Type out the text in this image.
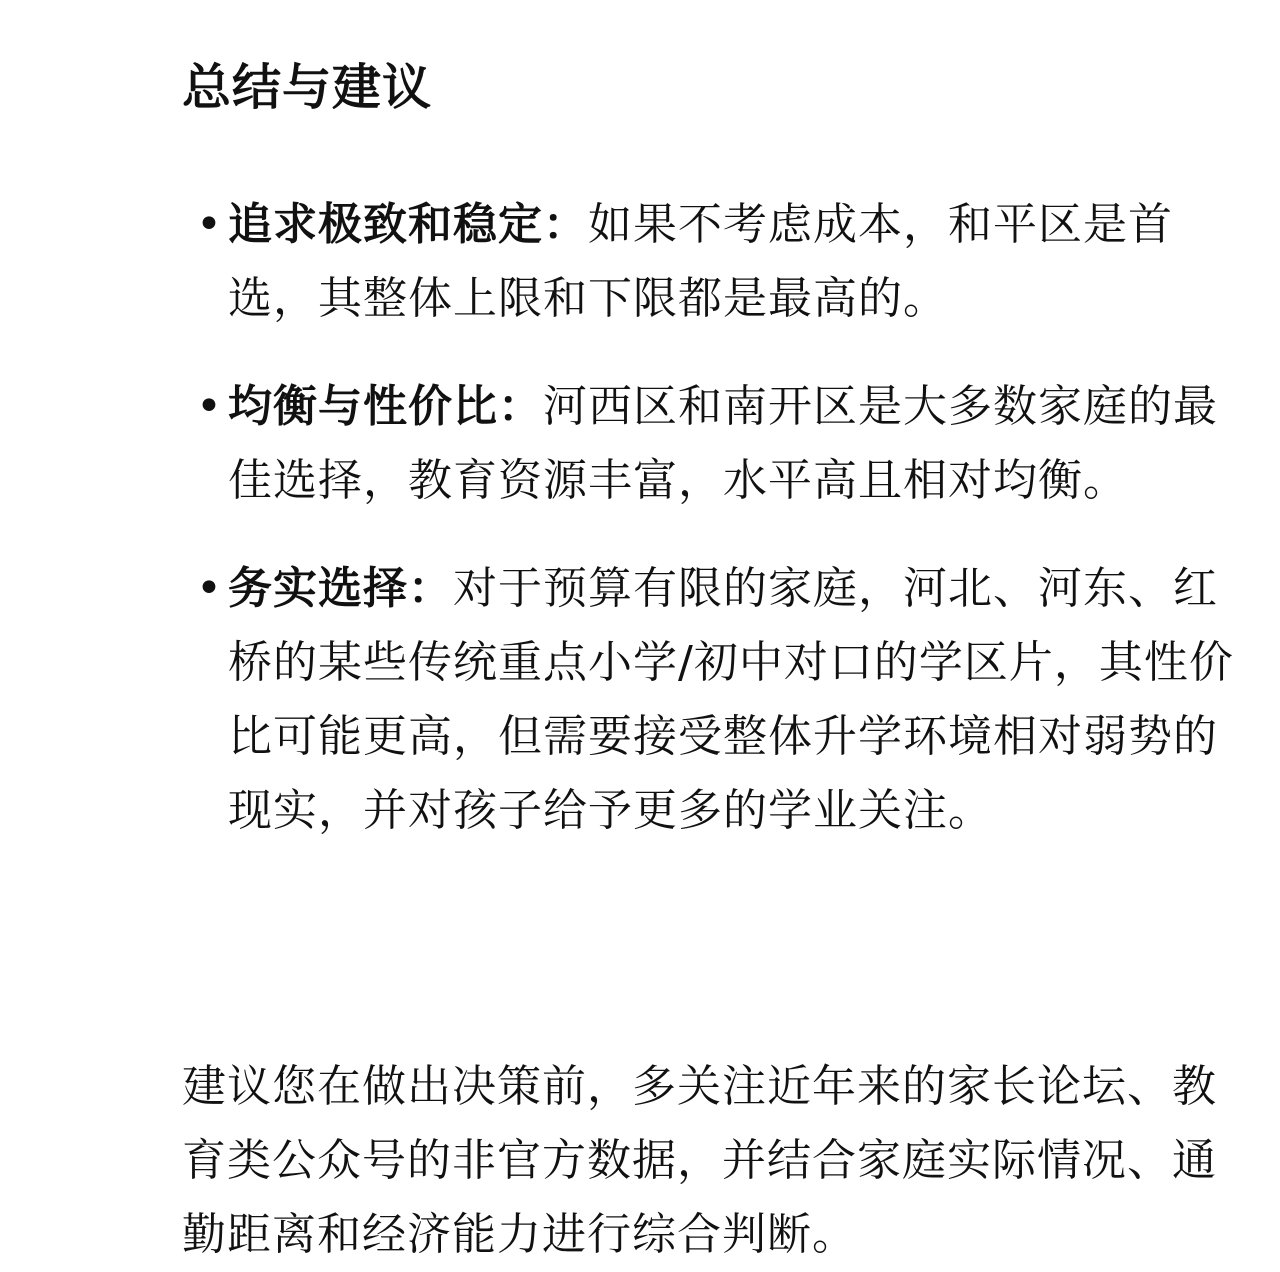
总结与建议
• 追求极致和稳定：如果不考虑成本，和平区是首选，其整体上限和下限都是最高的。
• 均衡与性价比：河西区和南开区是大多数家庭的最佳选择，教育资源丰富，水平高且相对均衡。
• 务实选择：对于预算有限的家庭，河北、河东、红桥的某些传统重点小学/初中对口的学区片，其性价比可能更高，但需要接受整体升学环境相对弱势的现实，并对孩子给予更多的学业关注。

建议您在做出决策前，多关注近年来的家长论坛、教育类公众号的非官方数据，并结合家庭实际情况、通勤距离和经济能力进行综合判断。
